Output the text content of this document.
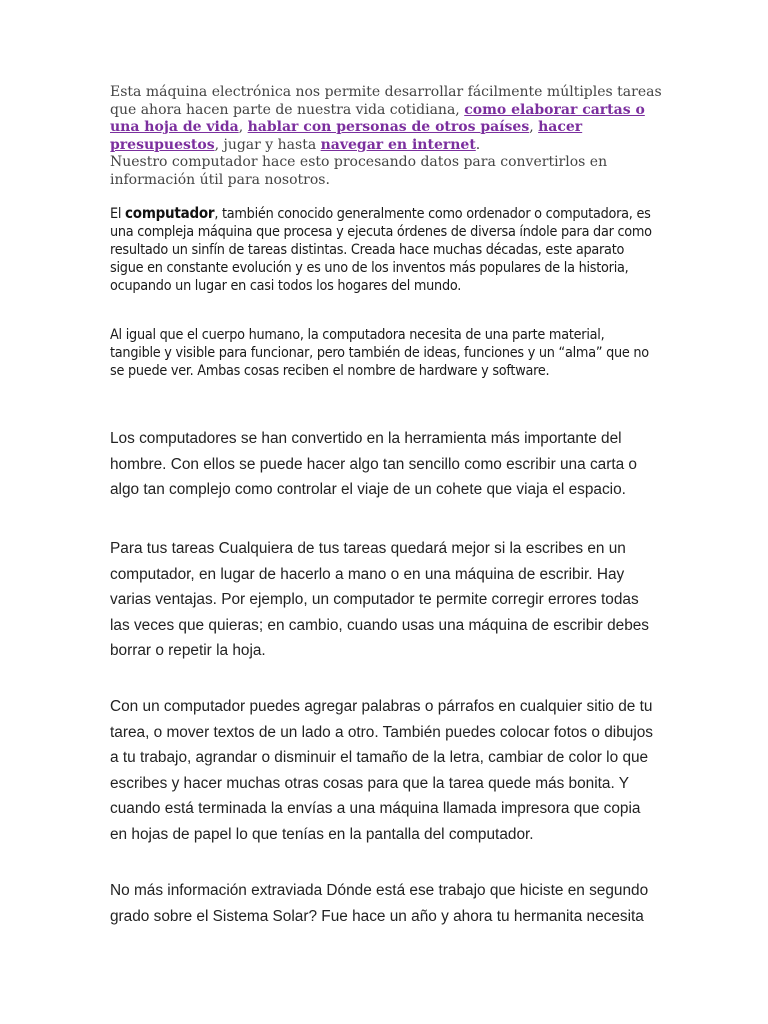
Esta máquina electrónica nos permite desarrollar fácilmente múltiples tareas que ahora hacen parte de nuestra vida cotidiana, como elaborar cartas o una hoja de vida, hablar con personas de otros países, hacer presupuestos, jugar y hasta navegar en internet.

Nuestro computador hace esto procesando datos para convertirlos en información útil para nosotros.

El computador, también conocido generalmente como ordenador o computadora, es una compleja máquina que procesa y ejecuta órdenes de diversa índole para dar como resultado un sinfín de tareas distintas. Creada hace muchas décadas, este aparato sigue en constante evolución y es uno de los inventos más populares de la historia, ocupando un lugar en casi todos los hogares del mundo.

Al igual que el cuerpo humano, la computadora necesita de una parte material, tangible y visible para funcionar, pero también de ideas, funciones y un “alma” que no se puede ver. Ambas cosas reciben el nombre de hardware y software.

Los computadores se han convertido en la herramienta más importante del hombre. Con ellos se puede hacer algo tan sencillo como escribir una carta o algo tan complejo como controlar el viaje de un cohete que viaja el espacio.

Para tus tareas Cualquiera de tus tareas quedará mejor si la escribes en un computador, en lugar de hacerlo a mano o en una máquina de escribir. Hay varias ventajas. Por ejemplo, un computador te permite corregir errores todas las veces que quieras; en cambio, cuando usas una máquina de escribir debes borrar o repetir la hoja.

Con un computador puedes agregar palabras o párrafos en cualquier sitio de tu tarea, o mover textos de un lado a otro. También puedes colocar fotos o dibujos a tu trabajo, agrandar o disminuir el tamaño de la letra, cambiar de color lo que escribes y hacer muchas otras cosas para que la tarea quede más bonita. Y cuando está terminada la envías a una máquina llamada impresora que copia en hojas de papel lo que tenías en la pantalla del computador.

No más información extraviada Dónde está ese trabajo que hiciste en segundo grado sobre el Sistema Solar? Fue hace un año y ahora tu hermanita necesita
